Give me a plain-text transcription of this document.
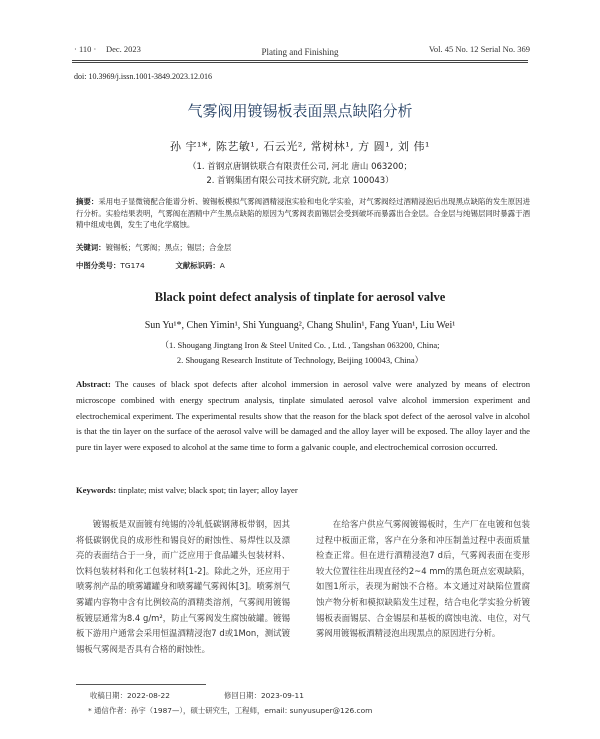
· 110 · Dec. 2023	Plating and Finishing	Vol. 45 No. 12 Serial No. 369
doi: 10.3969/j.issn.1001-3849.2023.12.016
气雾阀用镀锡板表面黑点缺陷分析
孙 宇¹*, 陈艺敏¹, 石云光², 常树林¹, 方 圆¹, 刘 伟¹
（1. 首钢京唐钢铁联合有限责任公司, 河北 唐山 063200；
2. 首钢集团有限公司技术研究院, 北京 100043）
摘要：采用电子显微镜配合能谱分析、镀锡板模拟气雾阀酒精浸泡实验和电化学实验，对气雾阀经过酒精浸泡后出现黑点缺陷的发生原因进行分析。实验结果表明，气雾阀在酒精中产生黑点缺陷的原因为气雾阀表面锡层会受到破坏而暴露出合金层。合金层与纯锡层同时暴露于酒精中组成电偶，发生了电化学腐蚀。
关键词：镀锡板；气雾阀；黑点；锡层；合金层
中图分类号：TG174	文献标识码：A
Black point defect analysis of tinplate for aerosol valve
Sun Yu¹*, Chen Yimin¹, Shi Yunguang², Chang Shulin¹, Fang Yuan¹, Liu Wei¹
（1. Shougang Jingtang Iron & Steel United Co. , Ltd. , Tangshan 063200, China;
2. Shougang Research Institute of Technology, Beijing 100043, China）
Abstract: The causes of black spot defects after alcohol immersion in aerosol valve were analyzed by means of electron microscope combined with energy spectrum analysis, tinplate simulated aerosol valve alcohol immersion experiment and electrochemical experiment. The experimental results show that the reason for the black spot defect of the aerosol valve in alcohol is that the tin layer on the surface of the aerosol valve will be damaged and the alloy layer will be exposed. The alloy layer and the pure tin layer were exposed to alcohol at the same time to form a galvanic couple, and electrochemical corrosion occurred.
Keywords: tinplate; mist valve; black spot; tin layer; alloy layer

镀锡板是双面镀有纯锡的冷轧低碳钢薄板带钢，因其将低碳钢优良的成形性和锡良好的耐蚀性、易焊性以及漂亮的表面结合于一身，而广泛应用于食品罐头包装材料、饮料包装材料和化工包装材料[1-2]。除此之外，还应用于喷雾剂产品的喷雾罐罐身和喷雾罐气雾阀体[3]。喷雾剂气雾罐内容物中含有比例较高的酒精类溶剂，气雾阀用镀锡板镀层通常为8.4 g/m²，防止气雾阀发生腐蚀破罐。镀锡板下游用户通常会采用恒温酒精浸泡7 d或1Mon，测试镀锡板气雾阀是否具有合格的耐蚀性。

在给客户供应气雾阀镀锡板时，生产厂在电镀和包装过程中板面正常，客户在分条和冲压制盖过程中表面质量检查正常。但在进行酒精浸泡7 d后，气雾阀表面在变形较大位置往往出现直径约2~4 mm的黑色斑点宏观缺陷，如图1所示，表现为耐蚀不合格。本文通过对缺陷位置腐蚀产物分析和模拟缺陷发生过程，结合电化学实验分析镀锡板表面锡层、合金锡层和基板的腐蚀电流、电位，对气雾阀用镀锡板酒精浸泡出现黑点的原因进行分析。

收稿日期：2022-08-22	修回日期：2023-09-11
* 通信作者：孙宇（1987—），硕士研究生，工程师，email: sunyusuper@126.com
